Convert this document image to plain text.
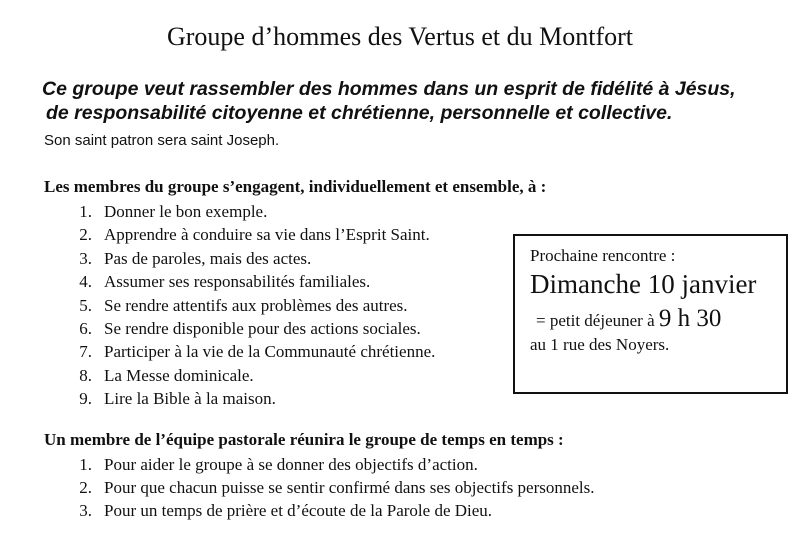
Groupe d’hommes des Vertus et du Montfort
Ce groupe veut rassembler des hommes dans un esprit de fidélité à Jésus,
de responsabilité citoyenne et chrétienne, personnelle et collective.
Son saint patron sera saint Joseph.
Les membres du groupe s’engagent, individuellement et ensemble, à :
1. Donner le bon exemple.
2. Apprendre à conduire sa vie dans l’Esprit Saint.
3. Pas de paroles, mais des actes.
4. Assumer ses responsabilités familiales.
5. Se rendre attentifs aux problèmes des autres.
6. Se rendre disponible pour des actions sociales.
7. Participer à la vie de la Communauté chrétienne.
8. La Messe dominicale.
9. Lire la Bible à la maison.
Prochaine rencontre :
Dimanche 10 janvier
= petit déjeuner à 9 h 30
au 1 rue des Noyers.
Un membre de l’équipe pastorale réunira le groupe de temps en temps :
1. Pour aider le groupe à se donner des objectifs d’action.
2. Pour que chacun puisse se sentir confirmé dans ses objectifs personnels.
3. Pour un temps de prière et d’écoute de la Parole de Dieu.
